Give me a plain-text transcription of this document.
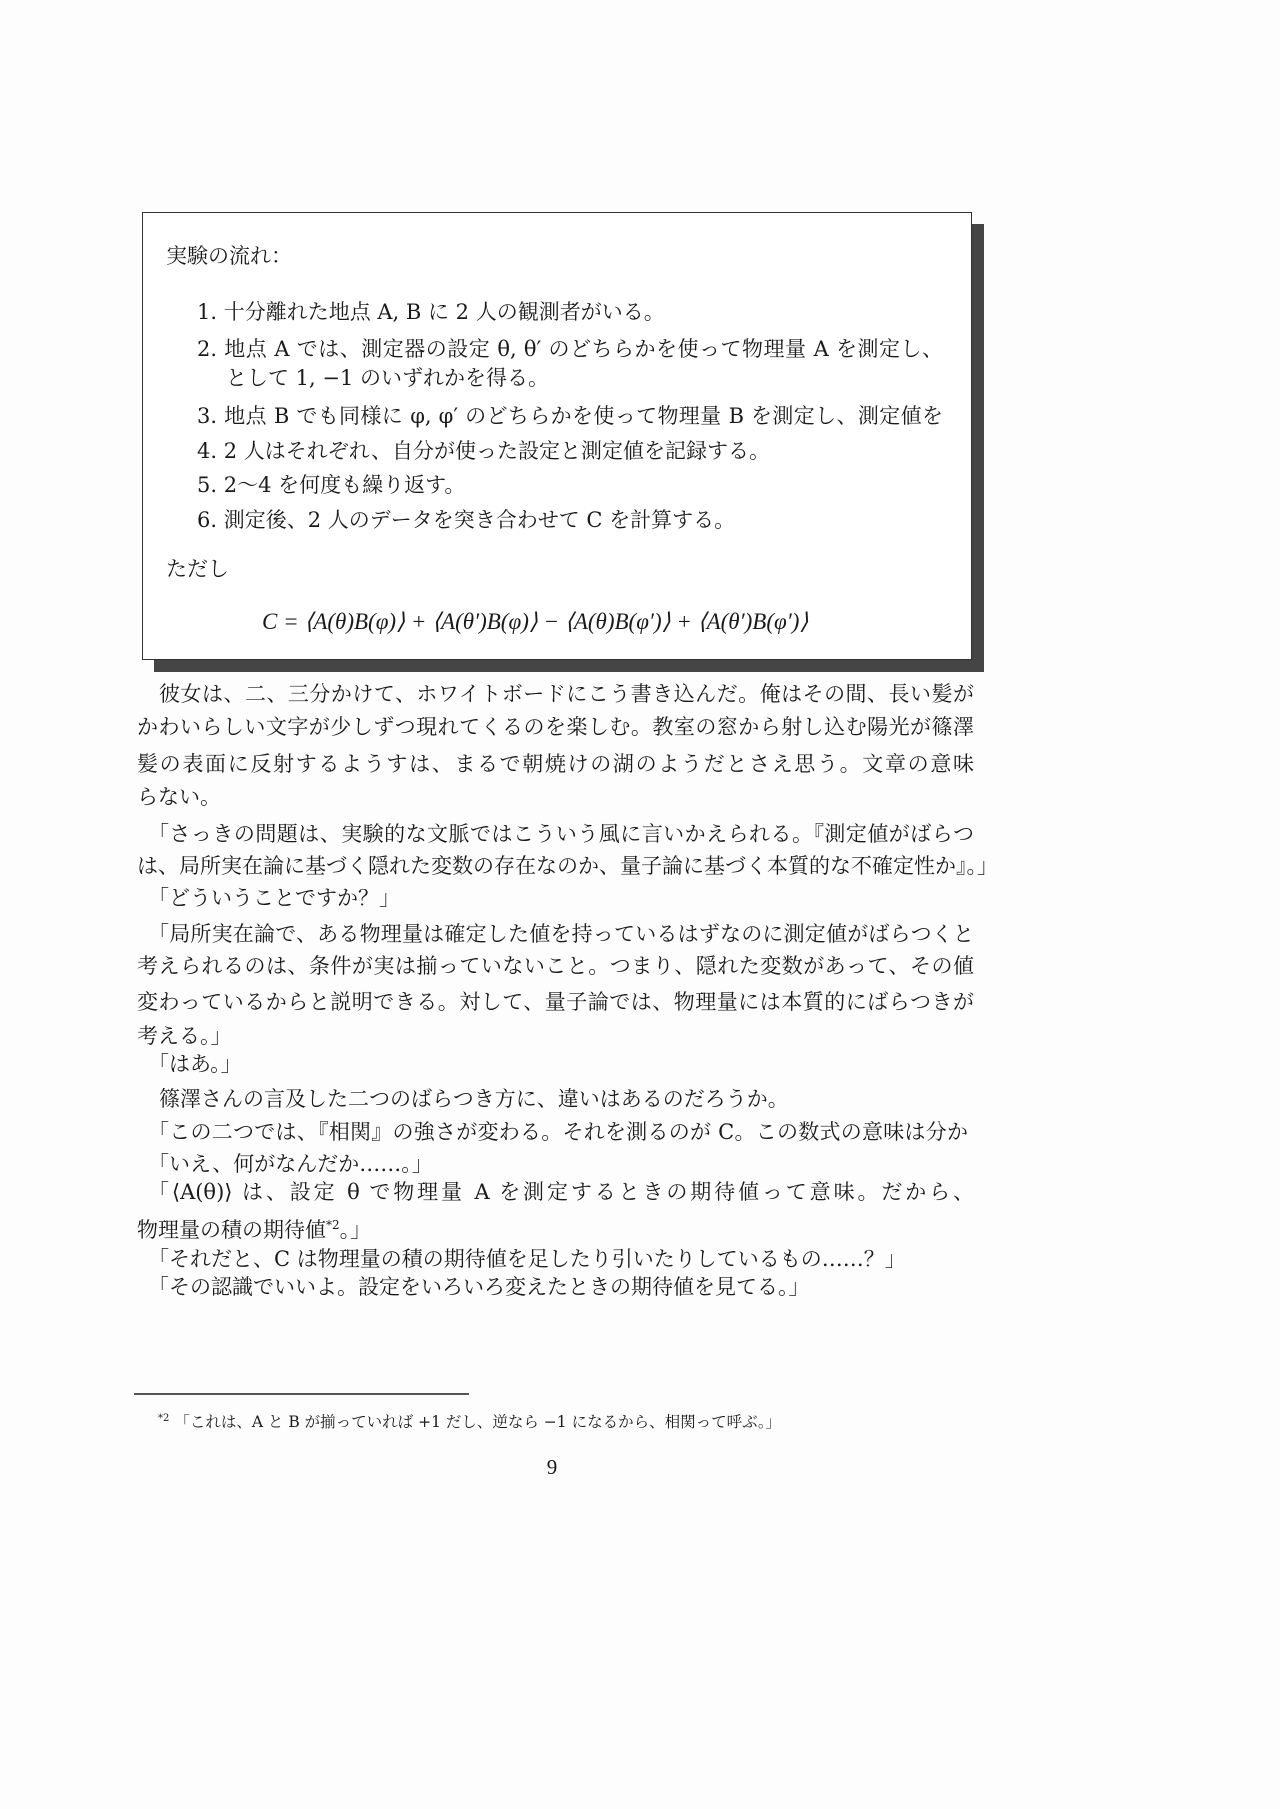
実験の流れ：
1. 十分離れた地点 A, B に 2 人の観測者がいる。
2. 地点 A では、測定器の設定 θ, θ′ のどちらかを使って物理量 A を測定し、
として 1, −1 のいずれかを得る。
3. 地点 B でも同様に φ, φ′ のどちらかを使って物理量 B を測定し、測定値を
4. 2 人はそれぞれ、自分が使った設定と測定値を記録する。
5. 2〜4 を何度も繰り返す。
6. 測定後、2 人のデータを突き合わせて C を計算する。
ただし
C = ⟨A(θ)B(φ)⟩ + ⟨A(θ′)B(φ)⟩ − ⟨A(θ)B(φ′)⟩ + ⟨A(θ′)B(φ′)⟩
彼女は、二、三分かけて、ホワイトボードにこう書き込んだ。俺はその間、長い髪が
かわいらしい文字が少しずつ現れてくるのを楽しむ。教室の窓から射し込む陽光が篠澤
髪の表面に反射するようすは、まるで朝焼けの湖のようだとさえ思う。文章の意味
らない。
「さっきの問題は、実験的な文脈ではこういう風に言いかえられる。『測定値がばらつ
は、局所実在論に基づく隠れた変数の存在なのか、量子論に基づく本質的な不確定性か』。」
「どういうことですか？」
「局所実在論で、ある物理量は確定した値を持っているはずなのに測定値がばらつくと
考えられるのは、条件が実は揃っていないこと。つまり、隠れた変数があって、その値
変わっているからと説明できる。対して、量子論では、物理量には本質的にばらつきが
考える。」
「はあ。」
篠澤さんの言及した二つのばらつき方に、違いはあるのだろうか。
「この二つでは、『相関』の強さが変わる。それを測るのが C。この数式の意味は分か
「いえ、何がなんだか……。」
「⟨A(θ)⟩ は、設定 θ で物理量 A を測定するときの期待値って意味。だから、
物理量の積の期待値$^{*2}$。」
「それだと、C は物理量の積の期待値を足したり引いたりしているもの……？」
「その認識でいいよ。設定をいろいろ変えたときの期待値を見てる。」
$^{*2}$ 「これは、A と B が揃っていれば +1 だし、逆なら −1 になるから、相関って呼ぶ。」
9
